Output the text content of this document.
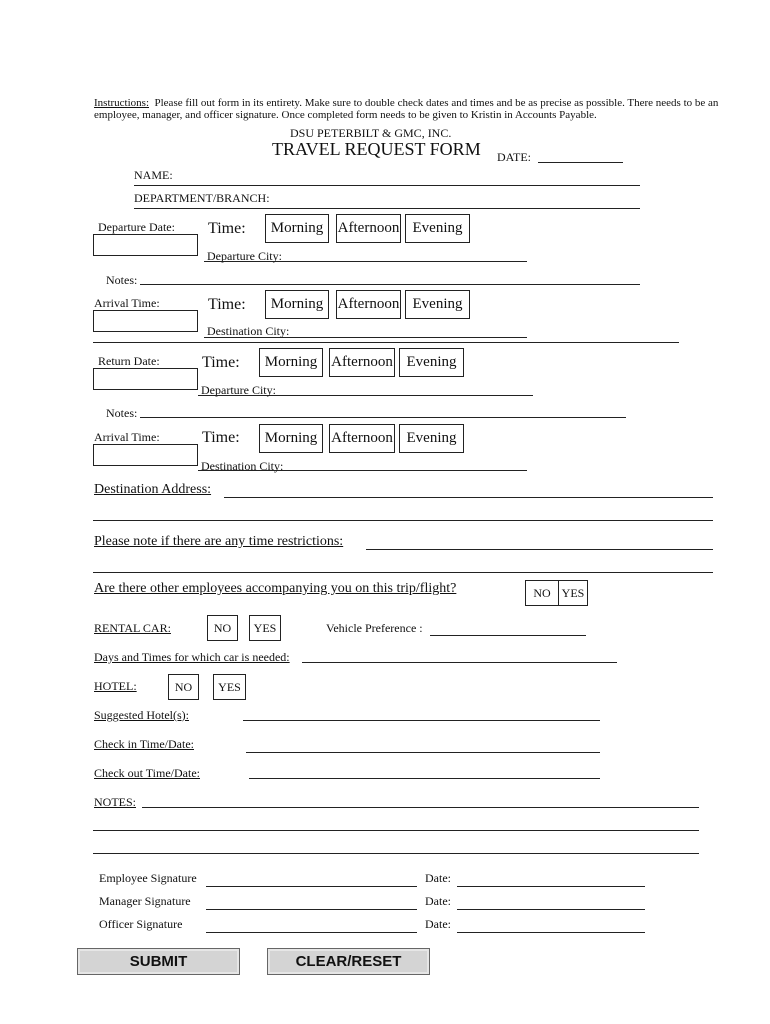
Instructions: Please fill out form in its entirety. Make sure to double check dates and times and be as precise as possible. There needs to be an
employee, manager, and officer signature. Once completed form needs to be given to Kristin in Accounts Payable.
DSU PETERBILT & GMC, INC.
TRAVEL REQUEST FORM DATE:
NAME:
DEPARTMENT/BRANCH:
Departure Date: Time:	Morning Afternoon Evening
Departure City:
Notes:
Arrival Time:	Time:	Morning Afternoon Evening
Destination City:
Return Date:	Time:	Morning Afternoon Evening
Departure City:
Notes:
Arrival Time:	Time:	Morning Afternoon Evening
Destination City:
Destination Address:
Please note if there are any time restrictions:
Are there other employees accompanying you on this trip/flight?	NO YES
RENTAL CAR:	NO	YES	Vehicle Preference :
Days and Times for which car is needed:
HOTEL:	NO	YES
Suggested Hotel(s):
Check in Time/Date:
Check out Time/Date:
NOTES:
Employee Signature	Date:
Manager Signature	Date:
Officer Signature	Date:
SUBMIT	CLEAR/RESET
